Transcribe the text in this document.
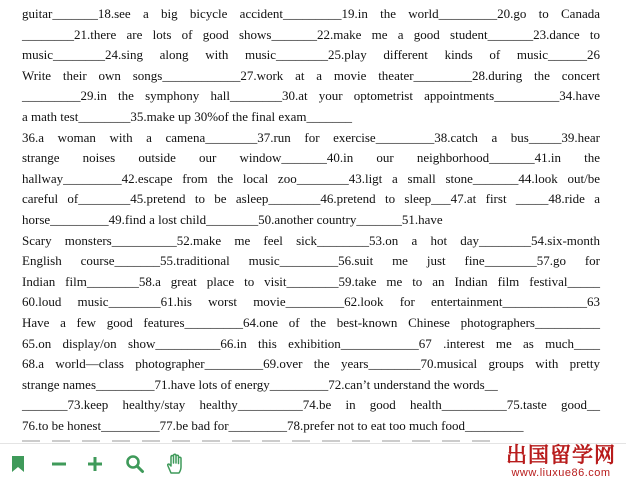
guitar_______18.see a big bicycle accident_________19.in the world_________20.go to Canada
________21.there are lots of good shows_______22.make me a good student_______23.dance to
music________24.sing along with music________25.play different kinds of music______26
Write their own songs____________27.work at a movie theater_________28.during the concert
_________29.in the symphony hall________30.at your optometrist appointments__________34.have
a math test________35.make up 30%of the final exam_______
36.a woman with a camena________37.run for exercise_________38.catch a bus_____39.hear
strange noises outside our window_______40.in our neighborhood_______41.in the
hallway_________42.escape from the local zoo________43.ligt a small stone_______44.look out/be
careful of________45.pretend to be asleep________46.pretend to sleep___47.at first _____48.ride a
horse_________49.find a lost child________50.another country_______51.have
Scary monsters__________52.make me feel sick________53.on a hot day________54.six-month
English course_______55.traditional music_________56.suit me just fine________57.go for
Indian film________58.a great place to visit________59.take me to an Indian film festival_____
60.loud music________61.his worst movie_________62.look for entertainment_____________63
Have a few good features_________64.one of the best-known Chinese photographers__________
65.on display/on show__________66.in this exhibition____________67 .interest me as much____
68.a world—class photographer_________69.over the years________70.musical groups with pretty
strange names_________71.have lots of energy_________72.can’t understand the words__
_______73.keep healthy/stay healthy__________74.be in good health__________75.taste good__
76.to be honest_________77.be bad for_________78.prefer not to eat too much food_________
出国留学网
www.liuxue86.com
